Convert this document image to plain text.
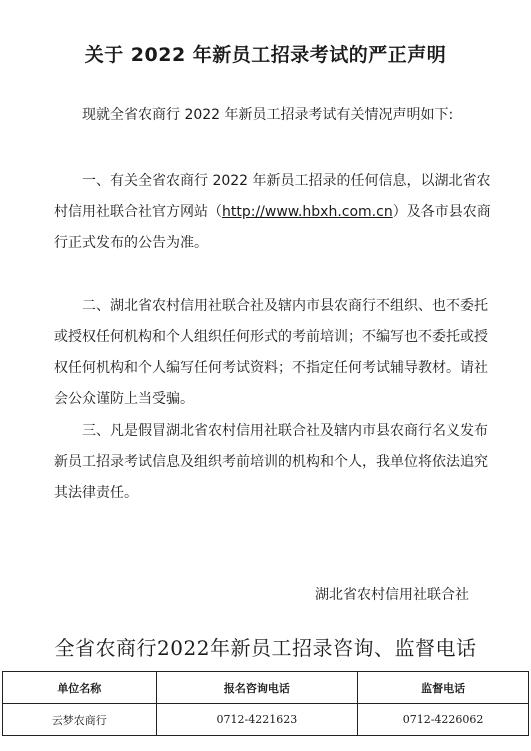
关于 2022 年新员工招录考试的严正声明
现就全省农商行 2022 年新员工招录考试有关情况声明如下:
一、有关全省农商行 2022 年新员工招录的任何信息，以湖北省农村信用社联合社官方网站（http://www.hbxh.com.cn）及各市县农商行正式发布的公告为准。
二、湖北省农村信用社联合社及辖内市县农商行不组织、也不委托或授权任何机构和个人组织任何形式的考前培训；不编写也不委托或授权任何机构和个人编写任何考试资料；不指定任何考试辅导教材。请社会公众谨防上当受骗。
三、凡是假冒湖北省农村信用社联合社及辖内市县农商行名义发布新员工招录考试信息及组织考前培训的机构和个人，我单位将依法追究其法律责任。
湖北省农村信用社联合社
全省农商行2022年新员工招录咨询、监督电话
单位名称	报名咨询电话	监督电话
云梦农商行	0712-4221623	0712-4226062
